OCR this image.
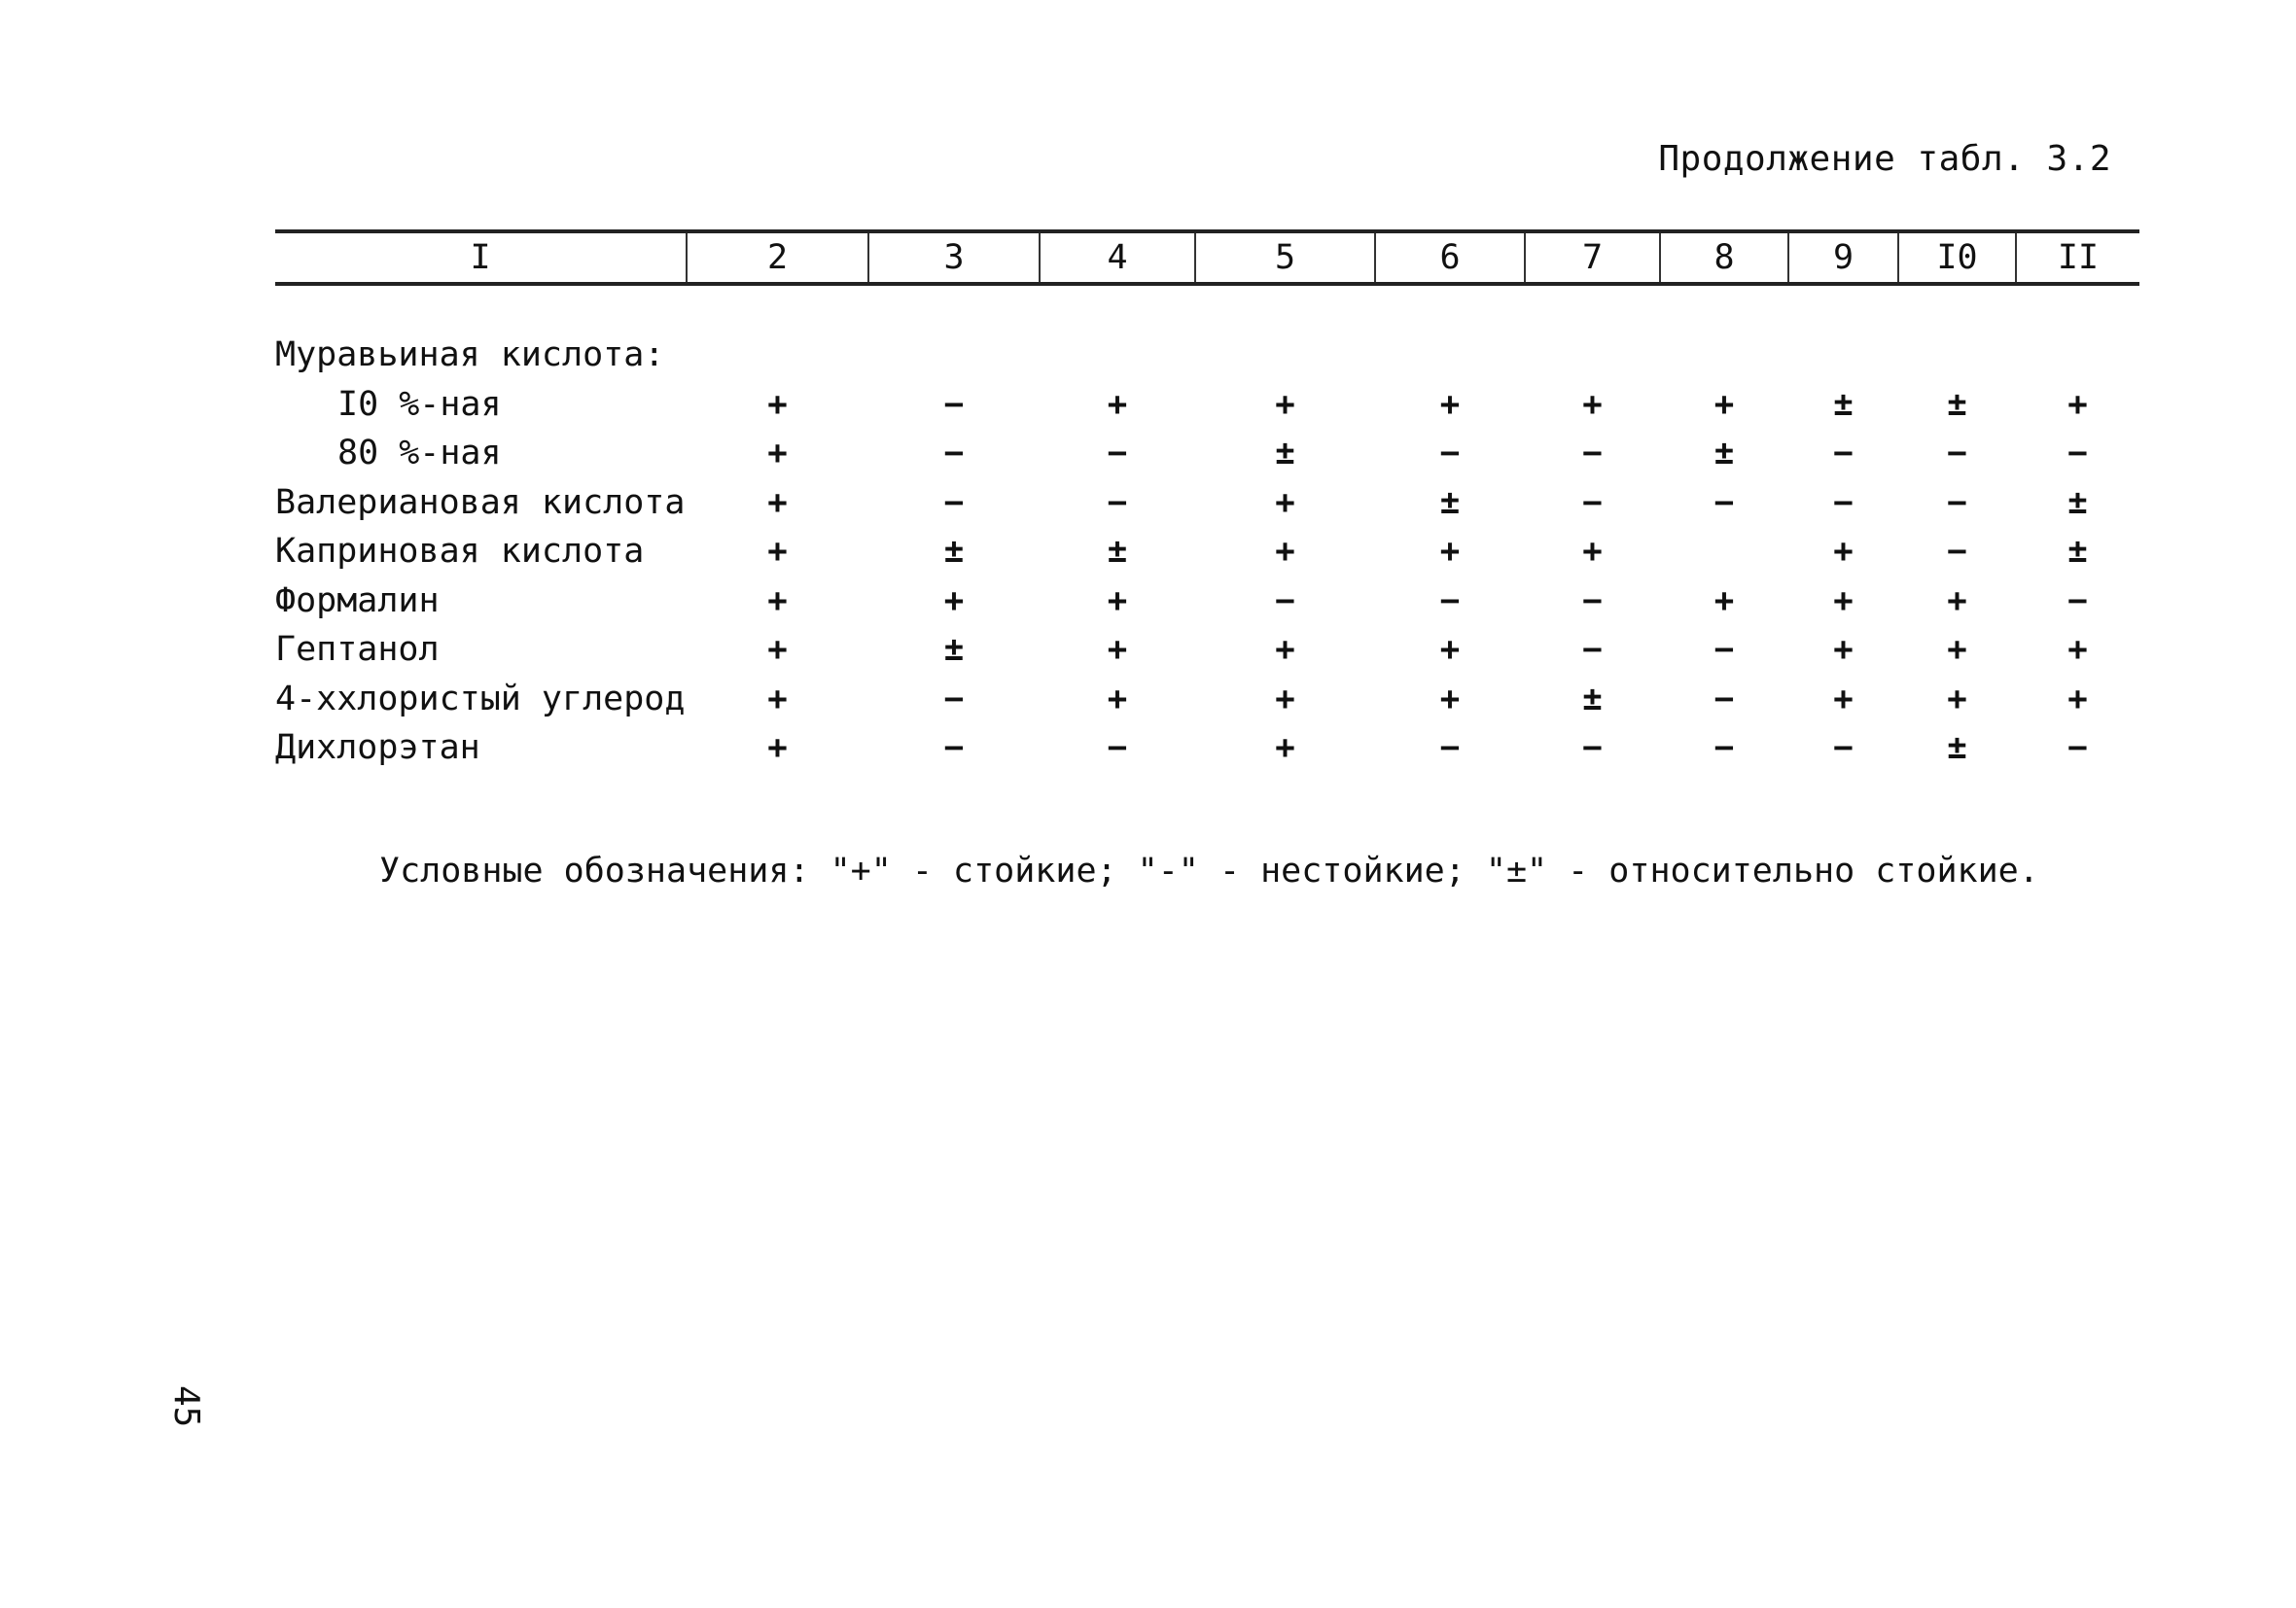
Продолжение табл. 3.2
I	2	3	4	5	6	7	8	9	I0	II

Муравьиная кислота:										
I0 %-ная	+	−	+	+	+	+	+	±	±	+
80 %-ная	+	−	−	±	−	−	±	−	−	−
Валериановая кислота	+	−	−	+	±	−	−	−	−	±
Каприновая кислота	+	±	±	+	+	+		+	−	±
Формалин	+	+	+	−	−	−	+	+	+	−
Гептанол	+	±	+	+	+	−	−	+	+	+
4-хxлористый углерод	+	−	+	+	+	±	−	+	+	+
Дихлорэтан	+	−	−	+	−	−	−	−	±	−
Условные обозначения: "+" - стойкие; "-" - нестойкие; "±" - относительно стойкие.
45
